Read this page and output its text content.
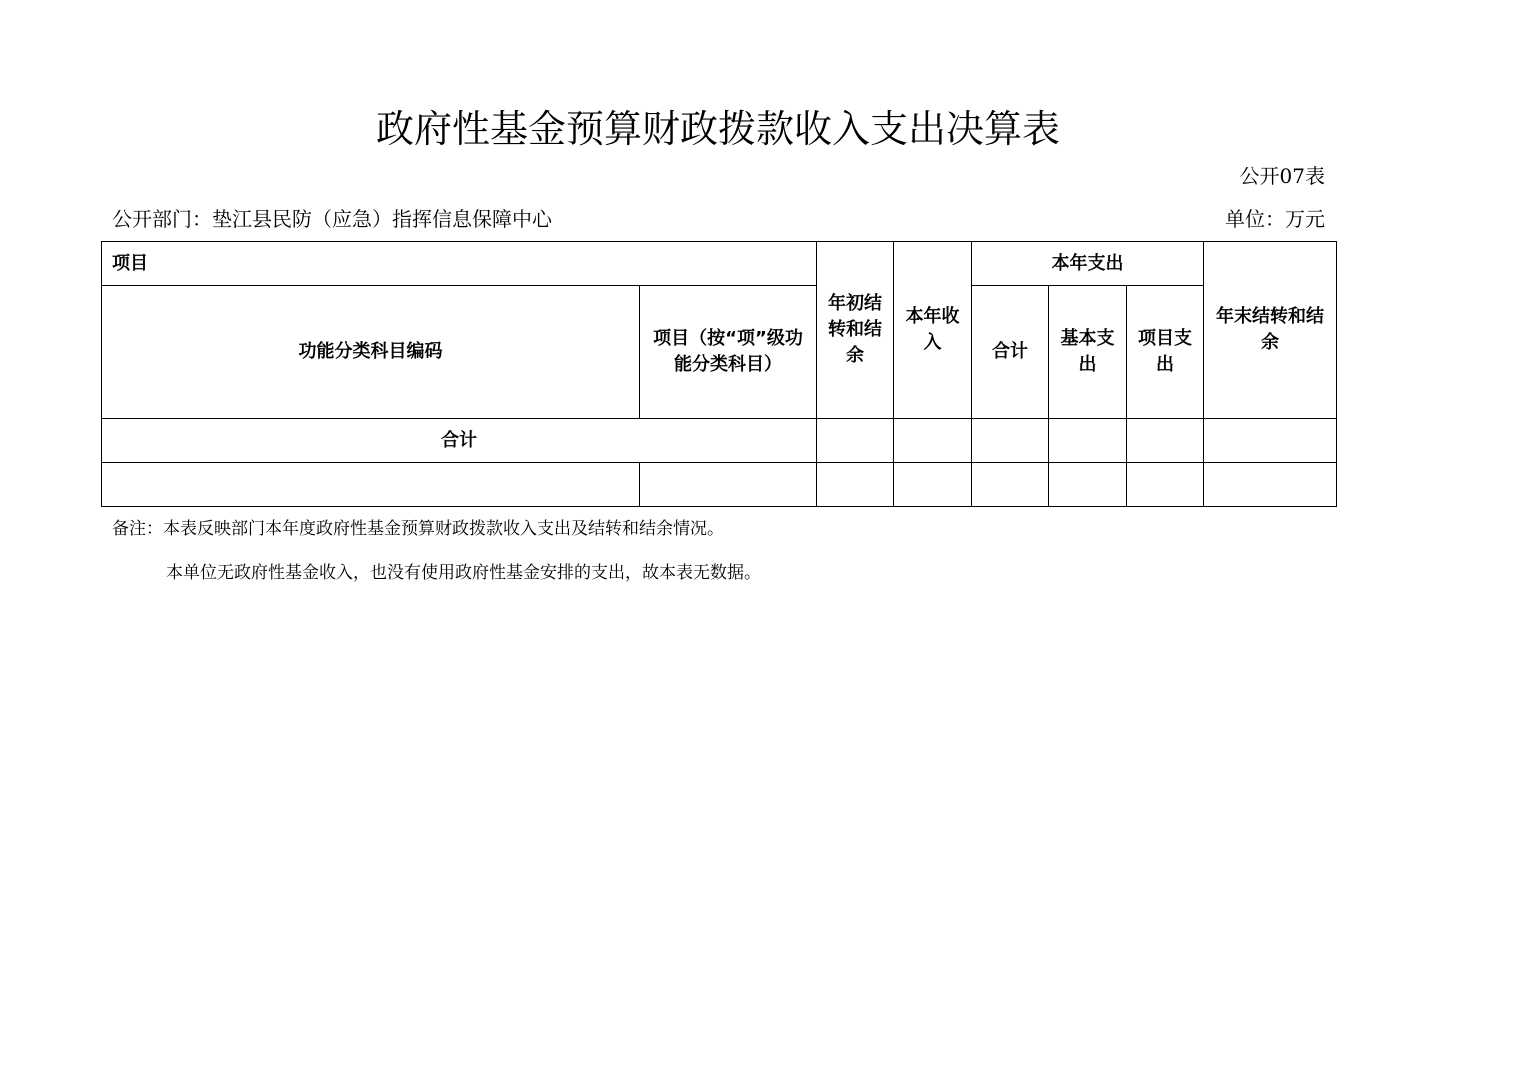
政府性基金预算财政拨款收入支出决算表
公开07表
公开部门：垫江县民防（应急）指挥信息保障中心	单位：万元
项目		年初结转和结余	本年收入	本年支出			年末结转和结余
功能分类科目编码	项目（按“项”级功能分类科目）			合计	基本支出	项目支出	
合计							

备注：本表反映部门本年度政府性基金预算财政拨款收入支出及结转和结余情况。
本单位无政府性基金收入，也没有使用政府性基金安排的支出，故本表无数据。
